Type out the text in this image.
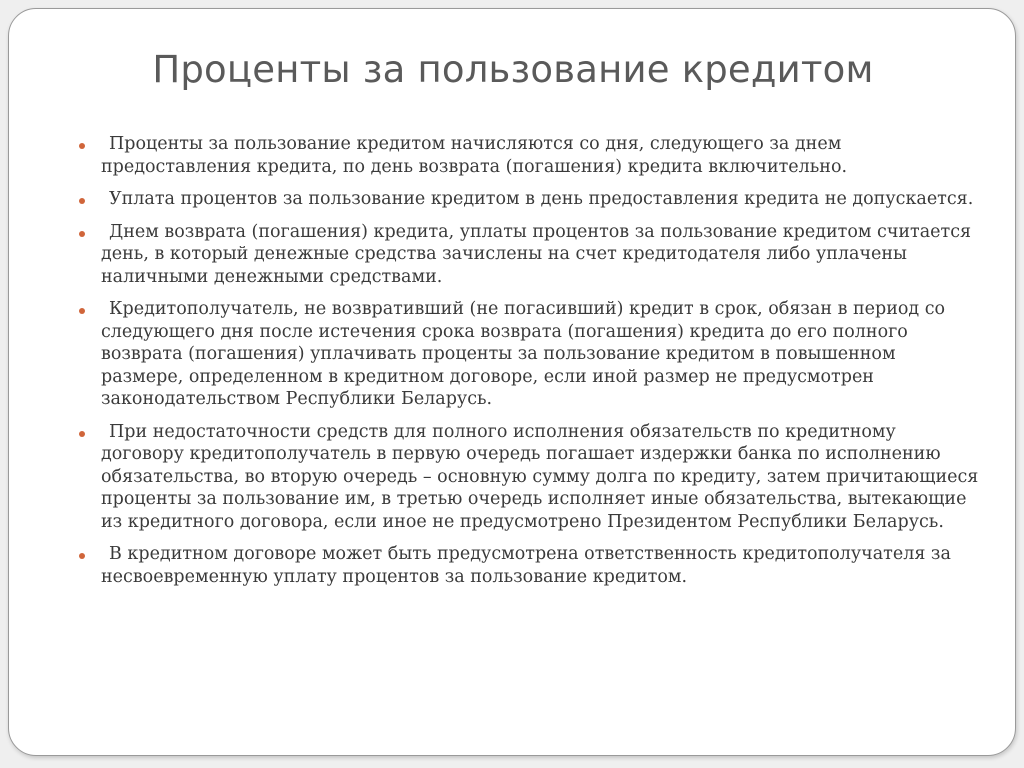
Проценты за пользование кредитом
Проценты за пользование кредитом начисляются со дня, следующего за днем предоставления кредита, по день возврата (погашения) кредита включительно.
Уплата процентов за пользование кредитом в день предоставления кредита не допускается.
Днем возврата (погашения) кредита, уплаты процентов за пользование кредитом считается день, в который денежные средства зачислены на счет кредитодателя либо уплачены наличными денежными средствами.
Кредитополучатель, не возвративший (не погасивший) кредит в срок, обязан в период со следующего дня после истечения срока возврата (погашения) кредита до его полного возврата (погашения) уплачивать проценты за пользование кредитом в повышенном размере, определенном в кредитном договоре, если иной размер не предусмотрен законодательством Республики Беларусь.
При недостаточности средств для полного исполнения обязательств по кредитному договору кредитополучатель в первую очередь погашает издержки банка по исполнению обязательства, во вторую очередь – основную сумму долга по кредиту, затем причитающиеся проценты за пользование им, в третью очередь исполняет иные обязательства, вытекающие из кредитного договора, если иное не предусмотрено Президентом Республики Беларусь.
В кредитном договоре может быть предусмотрена ответственность кредитополучателя за несвоевременную уплату процентов за пользование кредитом.
